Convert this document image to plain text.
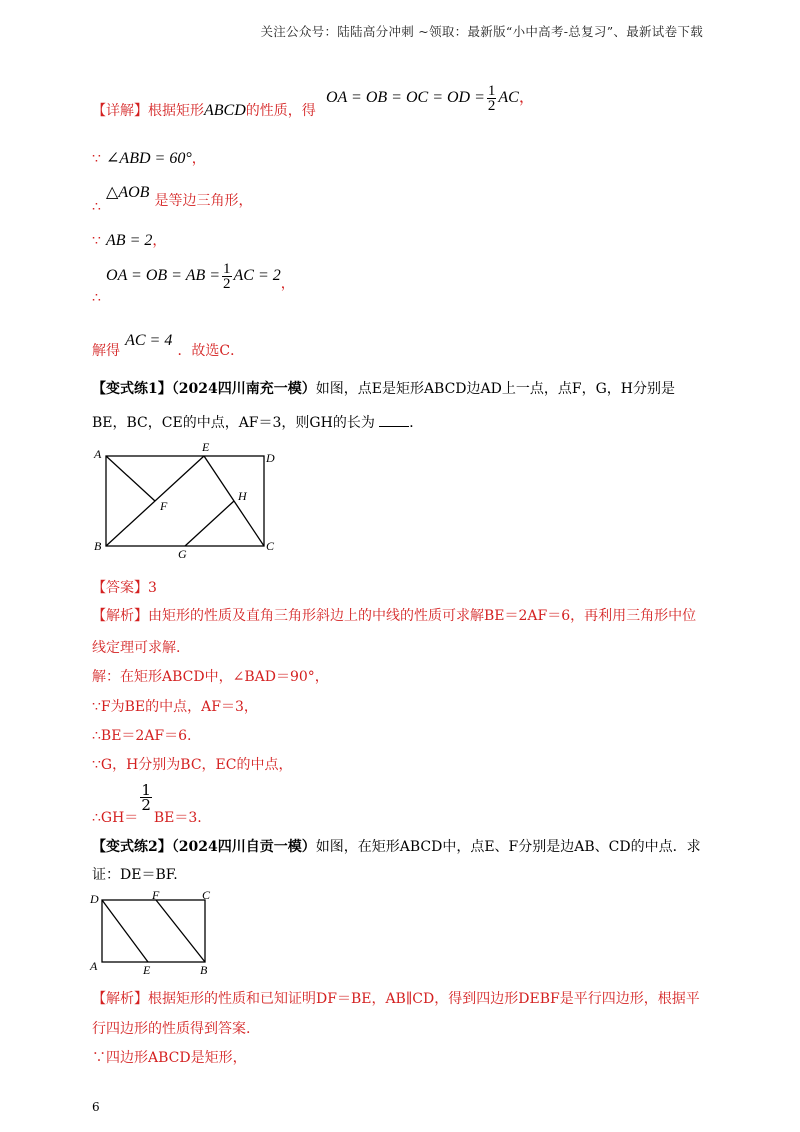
关注公众号：陆陆高分冲刺 ~领取：最新版“小中高考-总复习”、最新试卷下载
【详解】根据矩形ABCD的性质，得
OA = OB = OC = OD = $\frac{1}{2}$ AC，
∵ ∠ABD = 60°，
∴ △AOB 是等边三角形，
∵ AB = 2，
∴ OA = OB = AB = $\frac{1}{2}$ AC = 2，
解得 AC = 4 ．故选C．
【变式练1】（2024四川南充一模）如图，点E是矩形ABCD边AD上一点，点F，G，H分别是
BE，BC，CE的中点，AF＝3，则GH的长为 ．
A
B	C
D
E
F
G
H
【答案】3
【解析】由矩形的性质及直角三角形斜边上的中线的性质可求解BE＝2AF＝6，再利用三角形中位
线定理可求解.
解：在矩形ABCD中，∠BAD＝90°，
∵F为BE的中点，AF＝3，
∴BE＝2AF＝6.
∵G，H分别为BC，EC的中点，
∴GH＝
$\frac{1}{2}$
BE＝3.
【变式练2】（2024四川自贡一模）如图，在矩形ABCD中，点E、F分别是边AB、CD的中点．求
证：DE＝BF.
D
A
C
B
F
E
【解析】根据矩形的性质和已知证明DF＝BE，AB∥CD，得到四边形DEBF是平行四边形，根据平
行四边形的性质得到答案.
∵四边形ABCD是矩形，
6
